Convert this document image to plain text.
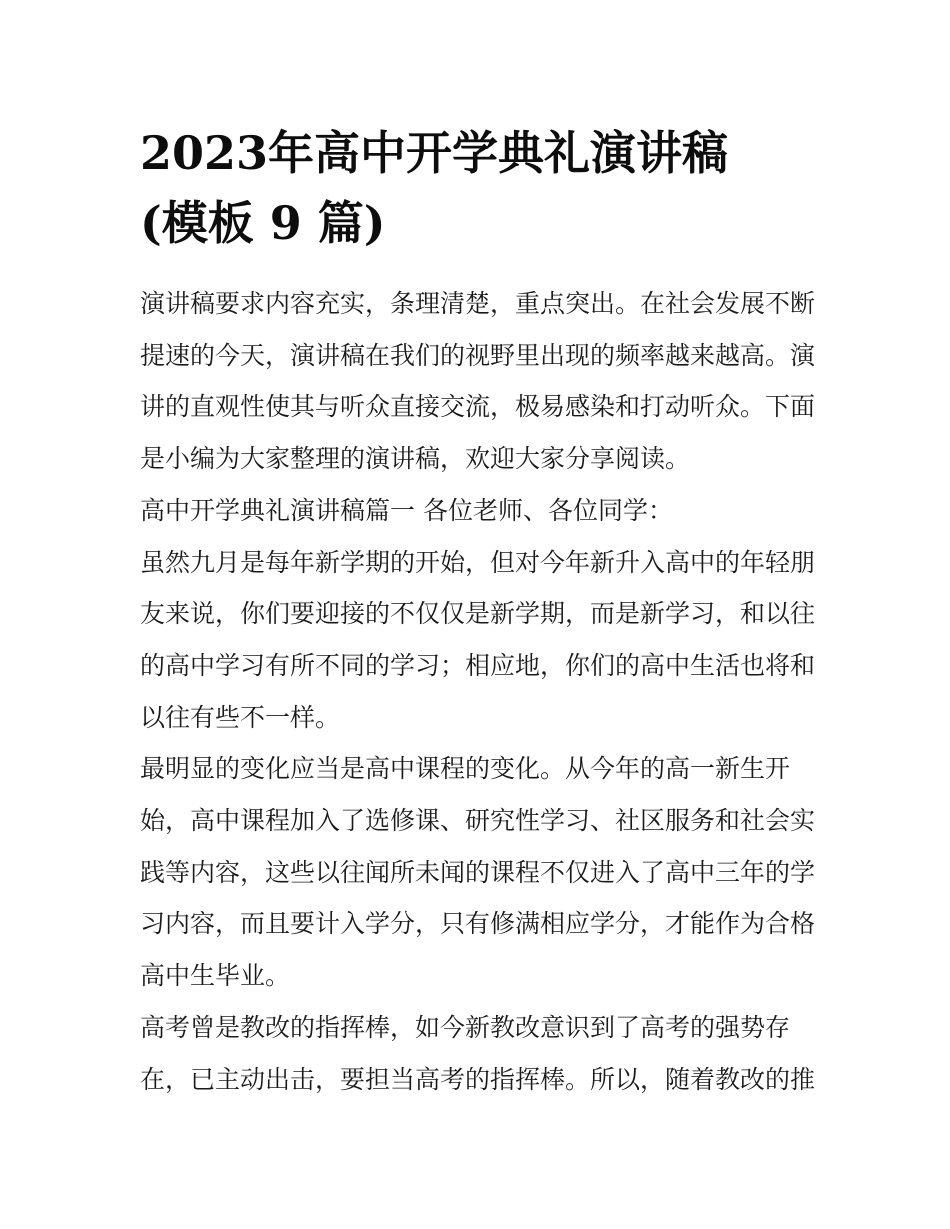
2023年高中开学典礼演讲稿
(模板 9 篇)

演讲稿要求内容充实，条理清楚，重点突出。在社会发展不断
提速的今天，演讲稿在我们的视野里出现的频率越来越高。演
讲的直观性使其与听众直接交流，极易感染和打动听众。下面
是小编为大家整理的演讲稿，欢迎大家分享阅读。

高中开学典礼演讲稿篇一 各位老师、各位同学：

虽然九月是每年新学期的开始，但对今年新升入高中的年轻朋
友来说，你们要迎接的不仅仅是新学期，而是新学习，和以往
的高中学习有所不同的学习；相应地，你们的高中生活也将和
以往有些不一样。

最明显的变化应当是高中课程的变化。从今年的高一新生开
始，高中课程加入了选修课、研究性学习、社区服务和社会实
践等内容，这些以往闻所未闻的课程不仅进入了高中三年的学
习内容，而且要计入学分，只有修满相应学分，才能作为合格
高中生毕业。

高考曾是教改的指挥棒，如今新教改意识到了高考的强势存
在，已主动出击，要担当高考的指挥棒。所以，随着教改的推
